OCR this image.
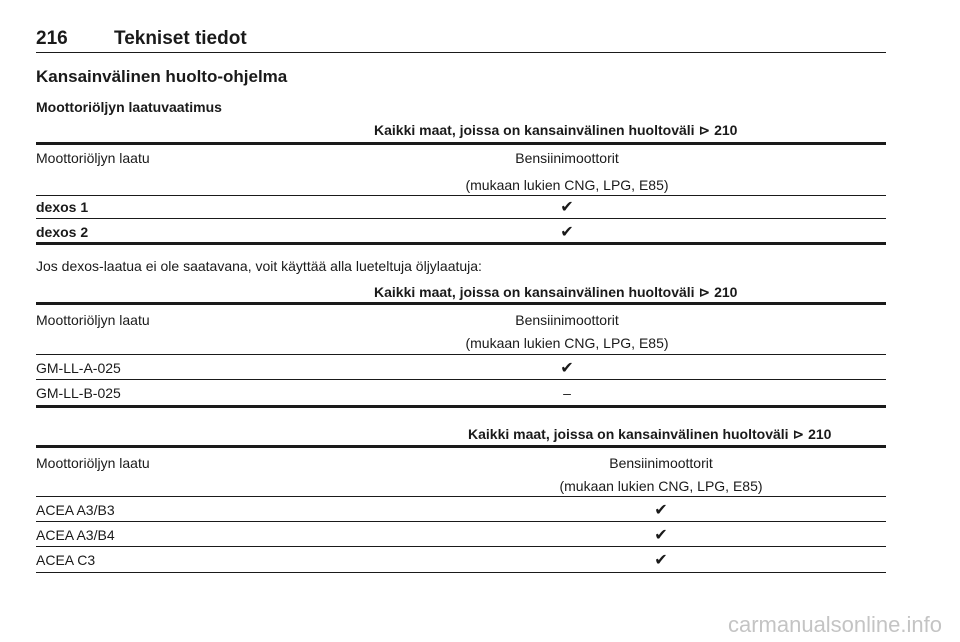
216 Tekniset tiedot
Kansainvälinen huolto-ohjelma
Moottoriöljyn laatuvaatimus
Kaikki maat, joissa on kansainvälinen huoltoväli ⊳ 210
Moottoriöljyn laatu	Bensiinimoottorit
(mukaan lukien CNG, LPG, E85)
dexos 1	✔
dexos 2	✔
Jos dexos-laatua ei ole saatavana, voit käyttää alla lueteltuja öljylaatuja:
Kaikki maat, joissa on kansainvälinen huoltoväli ⊳ 210
Moottoriöljyn laatu	Bensiinimoottorit
(mukaan lukien CNG, LPG, E85)
GM-LL-A-025	✔
GM-LL-B-025	–
Kaikki maat, joissa on kansainvälinen huoltoväli ⊳ 210
Moottoriöljyn laatu	Bensiinimoottorit
(mukaan lukien CNG, LPG, E85)
ACEA A3/B3	✔
ACEA A3/B4	✔
ACEA C3	✔
carmanualsonline.info
